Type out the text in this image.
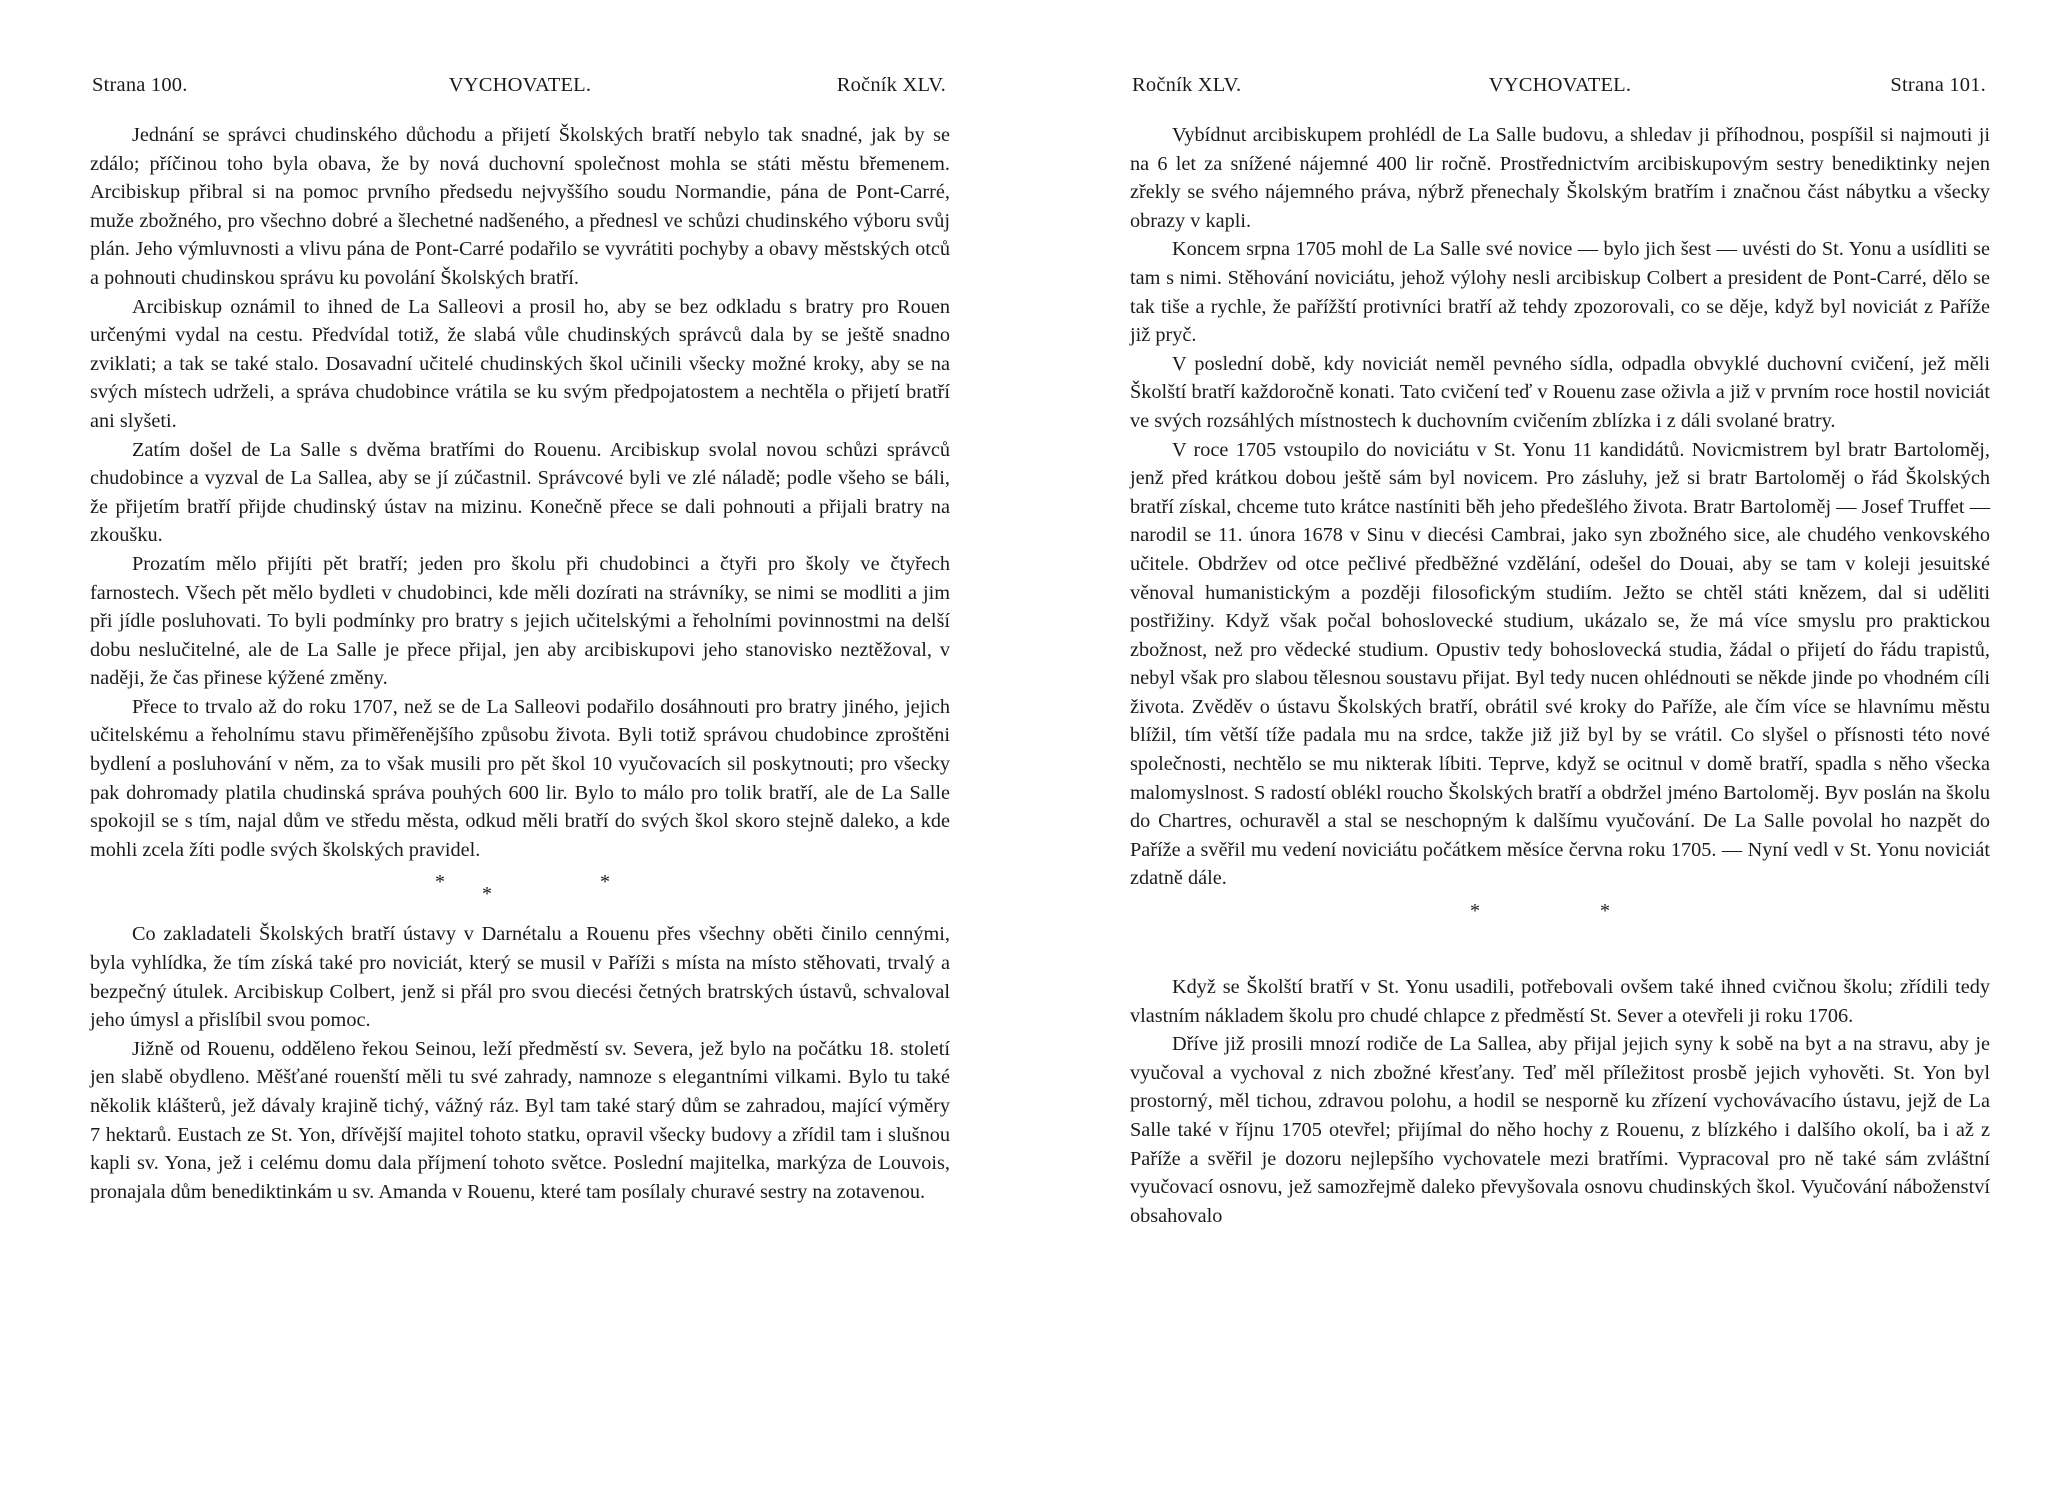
Strana 100.	VYCHOVATEL.	Ročník XLV.

Jednání se správci chudinského důchodu a přijetí Školských bratří nebylo tak snadné, jak by se zdálo; příčinou toho byla obava, že by nová duchovní společnost mohla se státi městu břemenem. Arcibiskup přibral si na pomoc prvního předsedu nejvyššího soudu Normandie, pána de Pont-Carré, muže zbožného, pro všechno dobré a šlechetné nadšeného, a přednesl ve schůzi chudinského výboru svůj plán. Jeho výmluvnosti a vlivu pána de Pont-Carré podařilo se vyvrátiti pochyby a obavy městských otců a pohnouti chudinskou správu ku povolání Školských bratří.

Arcibiskup oznámil to ihned de La Salleovi a prosil ho, aby se bez odkladu s bratry pro Rouen určenými vydal na cestu. Předvídal totiž, že slabá vůle chudinských správců dala by se ještě snadno zviklati; a tak se také stalo. Dosavadní učitelé chudinských škol učinili všecky možné kroky, aby se na svých místech udrželi, a správa chudobince vrátila se ku svým předpojatostem a nechtěla o přijetí bratří ani slyšeti.

Zatím došel de La Salle s dvěma bratřími do Rouenu. Arcibiskup svolal novou schůzi správců chudobince a vyzval de La Sallea, aby se jí zúčastnil. Správcové byli ve zlé náladě; podle všeho se báli, že přijetím bratří přijde chudinský ústav na mizinu. Konečně přece se dali pohnouti a přijali bratry na zkoušku.

Prozatím mělo přijíti pět bratří; jeden pro školu při chudobinci a čtyři pro školy ve čtyřech farnostech. Všech pět mělo bydleti v chudobinci, kde měli dozírati na strávníky, se nimi se modliti a jim při jídle posluhovati. To byli podmínky pro bratry s jejich učitelskými a řeholními povinnostmi na delší dobu neslučitelné, ale de La Salle je přece přijal, jen aby arcibiskupovi jeho stanovisko neztěžoval, v naději, že čas přinese kýžené změny.

Přece to trvalo až do roku 1707, než se de La Salleovi podařilo dosáhnouti pro bratry jiného, jejich učitelskému a řeholnímu stavu přiměřenějšího způsobu života. Byli totiž správou chudobince zproštěni bydlení a posluhování v něm, za to však musili pro pět škol 10 vyučovacích sil poskytnouti; pro všecky pak dohromady platila chudinská správa pouhých 600 lir. Bylo to málo pro tolik bratří, ale de La Salle spokojil se s tím, najal dům ve středu města, odkud měli bratří do svých škol skoro stejně daleko, a kde mohli zcela žíti podle svých školských pravidel.

*
*
*

Co zakladateli Školských bratří ústavy v Darnétalu a Rouenu přes všechny oběti činilo cennými, byla vyhlídka, že tím získá také pro noviciát, který se musil v Paříži s místa na místo stěhovati, trvalý a bezpečný útulek. Arcibiskup Colbert, jenž si přál pro svou diecési četných bratrských ústavů, schvaloval jeho úmysl a přislíbil svou pomoc.

Jižně od Rouenu, odděleno řekou Seinou, leží předměstí sv. Severa, jež bylo na počátku 18. století jen slabě obydleno. Měšťané rouenští měli tu své zahrady, namnoze s elegantními vilkami. Bylo tu také několik klášterů, jež dávaly krajině tichý, vážný ráz. Byl tam také starý dům se zahradou, mající výměry 7 hektarů. Eustach ze St. Yon, dřívější majitel tohoto statku, opravil všecky budovy a zřídil tam i slušnou kapli sv. Yona, jež i celému domu dala příjmení tohoto světce. Poslední majitelka, markýza de Louvois, pronajala dům benediktinkám u sv. Amanda v Rouenu, které tam posílaly churavé sestry na zotavenou.

Ročník XLV.	VYCHOVATEL.	Strana 101.

Vybídnut arcibiskupem prohlédl de La Salle budovu, a shledav ji příhodnou, pospíšil si najmouti ji na 6 let za snížené nájemné 400 lir ročně. Prostřednictvím arcibiskupovým sestry benediktinky nejen zřekly se svého nájemného práva, nýbrž přenechaly Školským bratřím i značnou část nábytku a všecky obrazy v kapli.

Koncem srpna 1705 mohl de La Salle své novice — bylo jich šest — uvésti do St. Yonu a usídliti se tam s nimi. Stěhování noviciátu, jehož výlohy nesli arcibiskup Colbert a president de Pont-Carré, dělo se tak tiše a rychle, že pařížští protivníci bratří až tehdy zpozorovali, co se děje, když byl noviciát z Paříže již pryč.

V poslední době, kdy noviciát neměl pevného sídla, odpadla obvyklé duchovní cvičení, jež měli Školští bratří každoročně konati. Tato cvičení teď v Rouenu zase oživla a již v prvním roce hostil noviciát ve svých rozsáhlých místnostech k duchovním cvičením zblízka i z dáli svolané bratry.

V roce 1705 vstoupilo do noviciátu v St. Yonu 11 kandidátů. Novicmistrem byl bratr Bartoloměj, jenž před krátkou dobou ještě sám byl novicem. Pro zásluhy, jež si bratr Bartoloměj o řád Školských bratří získal, chceme tuto krátce nastíniti běh jeho předešlého života. Bratr Bartoloměj — Josef Truffet — narodil se 11. února 1678 v Sinu v diecési Cambrai, jako syn zbožného sice, ale chudého venkovského učitele. Obdržev od otce pečlivé předběžné vzdělání, odešel do Douai, aby se tam v koleji jesuitské věnoval humanistickým a později filosofickým studiím. Ježto se chtěl státi knězem, dal si uděliti postřižiny. Když však počal bohoslovecké studium, ukázalo se, že má více smyslu pro praktickou zbožnost, než pro vědecké studium. Opustiv tedy bohoslovecká studia, žádal o přijetí do řádu trapistů, nebyl však pro slabou tělesnou soustavu přijat. Byl tedy nucen ohlédnouti se někde jinde po vhodném cíli života. Zvěděv o ústavu Školských bratří, obrátil své kroky do Paříže, ale čím více se hlavnímu městu blížil, tím větší tíže padala mu na srdce, takže již již byl by se vrátil. Co slyšel o přísnosti této nové společnosti, nechtělo se mu nikterak líbiti. Teprve, když se ocitnul v domě bratří, spadla s něho všecka malomyslnost. S radostí oblékl roucho Školských bratří a obdržel jméno Bartoloměj. Byv poslán na školu do Chartres, ochuravěl a stal se neschopným k dalšímu vyučování. De La Salle povolal ho nazpět do Paříže a svěřil mu vedení noviciátu počátkem měsíce června roku 1705. — Nyní vedl v St. Yonu noviciát zdatně dále.

*	*

Když se Školští bratří v St. Yonu usadili, potřebovali ovšem také ihned cvičnou školu; zřídili tedy vlastním nákladem školu pro chudé chlapce z předměstí St. Sever a otevřeli ji roku 1706.

Dříve již prosili mnozí rodiče de La Sallea, aby přijal jejich syny k sobě na byt a na stravu, aby je vyučoval a vychoval z nich zbožné křesťany. Teď měl příležitost prosbě jejich vyhověti. St. Yon byl prostorný, měl tichou, zdravou polohu, a hodil se nesporně ku zřízení vychovávacího ústavu, jejž de La Salle také v říjnu 1705 otevřel; přijímal do něho hochy z Rouenu, z blízkého i dalšího okolí, ba i až z Paříže a svěřil je dozoru nejlepšího vychovatele mezi bratřími. Vypracoval pro ně také sám zvláštní vyučovací osnovu, jež samozřejmě daleko převyšovala osnovu chudinských škol. Vyučování náboženství obsahovalo
